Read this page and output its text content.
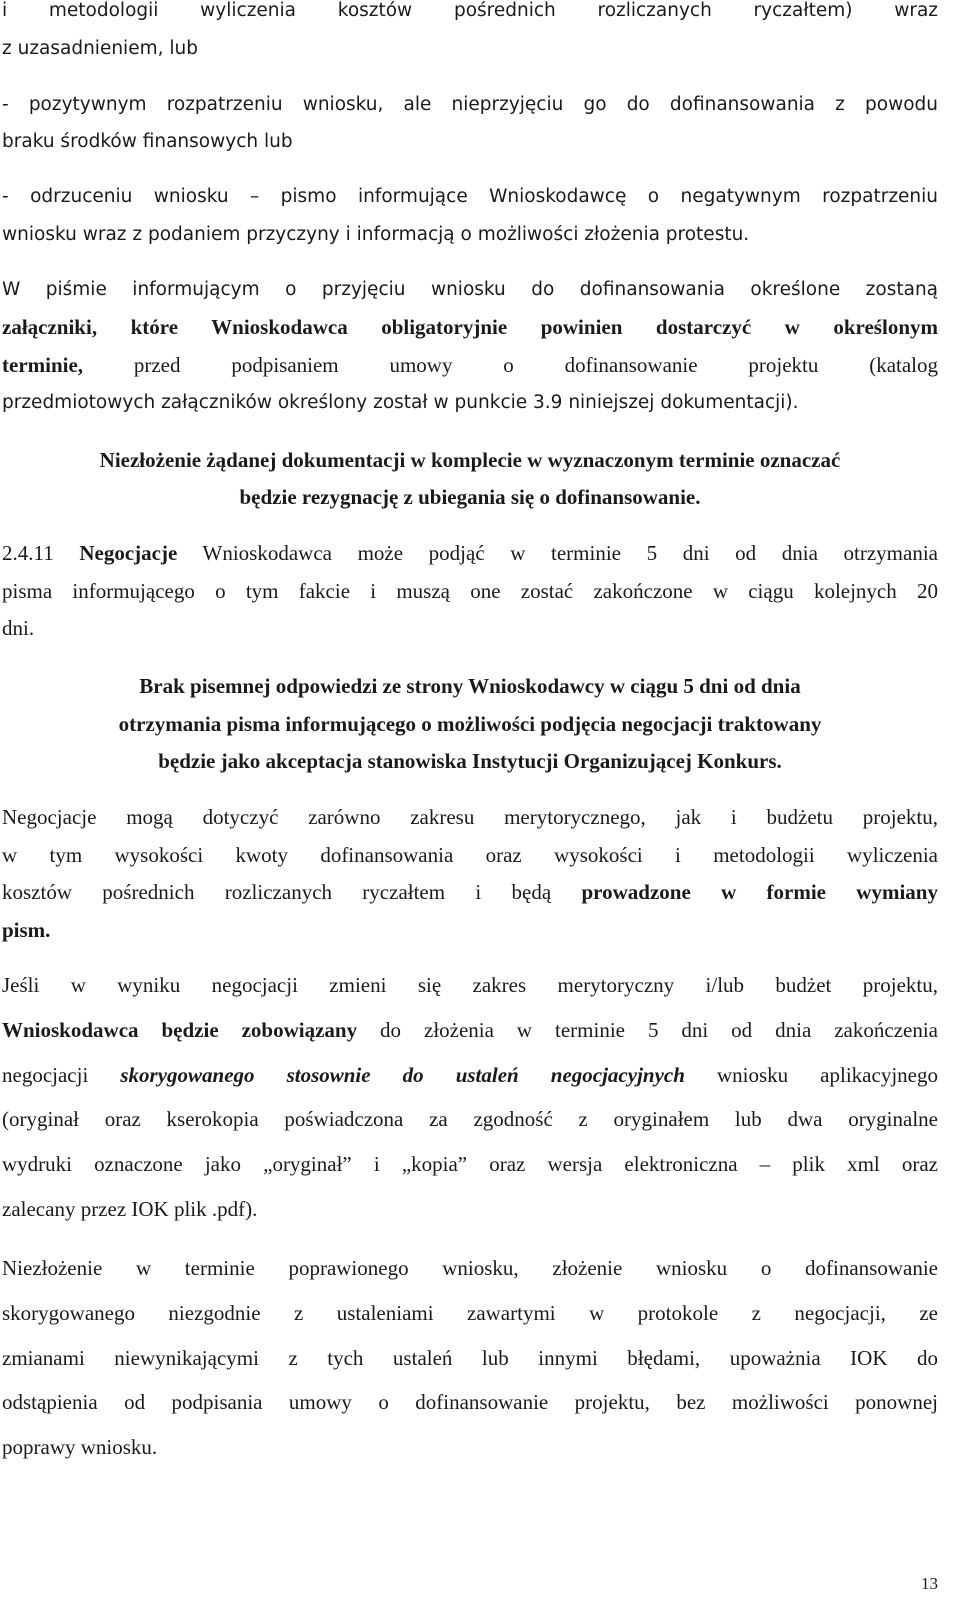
i metodologii wyliczenia kosztów pośrednich rozliczanych ryczałtem) wraz
z uzasadnieniem, lub
- pozytywnym rozpatrzeniu wniosku, ale nieprzyjęciu go do dofinansowania z powodu
braku środków finansowych lub
- odrzuceniu wniosku – pismo informujące Wnioskodawcę o negatywnym rozpatrzeniu
wniosku wraz z podaniem przyczyny i informacją o możliwości złożenia protestu.
W piśmie informującym o przyjęciu wniosku do dofinansowania określone zostaną
załączniki, które Wnioskodawca obligatoryjnie powinien dostarczyć w określonym
terminie, przed podpisaniem umowy o dofinansowanie projektu (katalog
przedmiotowych załączników określony został w punkcie 3.9 niniejszej dokumentacji).
Niezłożenie żądanej dokumentacji w komplecie w wyznaczonym terminie oznaczać
będzie rezygnację z ubiegania się o dofinansowanie.
2.4.11 Negocjacje Wnioskodawca może podjąć w terminie 5 dni od dnia otrzymania
pisma informującego o tym fakcie i muszą one zostać zakończone w ciągu kolejnych 20
dni.
Brak pisemnej odpowiedzi ze strony Wnioskodawcy w ciągu 5 dni od dnia
otrzymania pisma informującego o możliwości podjęcia negocjacji traktowany
będzie jako akceptacja stanowiska Instytucji Organizującej Konkurs.
Negocjacje mogą dotyczyć zarówno zakresu merytorycznego, jak i budżetu projektu,
w tym wysokości kwoty dofinansowania oraz wysokości i metodologii wyliczenia
kosztów pośrednich rozliczanych ryczałtem i będą prowadzone w formie wymiany
pism.
Jeśli w wyniku negocjacji zmieni się zakres merytoryczny i/lub budżet projektu,
Wnioskodawca będzie zobowiązany do złożenia w terminie 5 dni od dnia zakończenia
negocjacji skorygowanego stosownie do ustaleń negocjacyjnych wniosku aplikacyjnego
(oryginał oraz kserokopia poświadczona za zgodność z oryginałem lub dwa oryginalne
wydruki oznaczone jako „oryginał” i „kopia” oraz wersja elektroniczna – plik xml oraz
zalecany przez IOK plik .pdf).
Niezłożenie w terminie poprawionego wniosku, złożenie wniosku o dofinansowanie
skorygowanego niezgodnie z ustaleniami zawartymi w protokole z negocjacji, ze
zmianami niewynikającymi z tych ustaleń lub innymi błędami, upoważnia IOK do
odstąpienia od podpisania umowy o dofinansowanie projektu, bez możliwości ponownej
poprawy wniosku.
13
